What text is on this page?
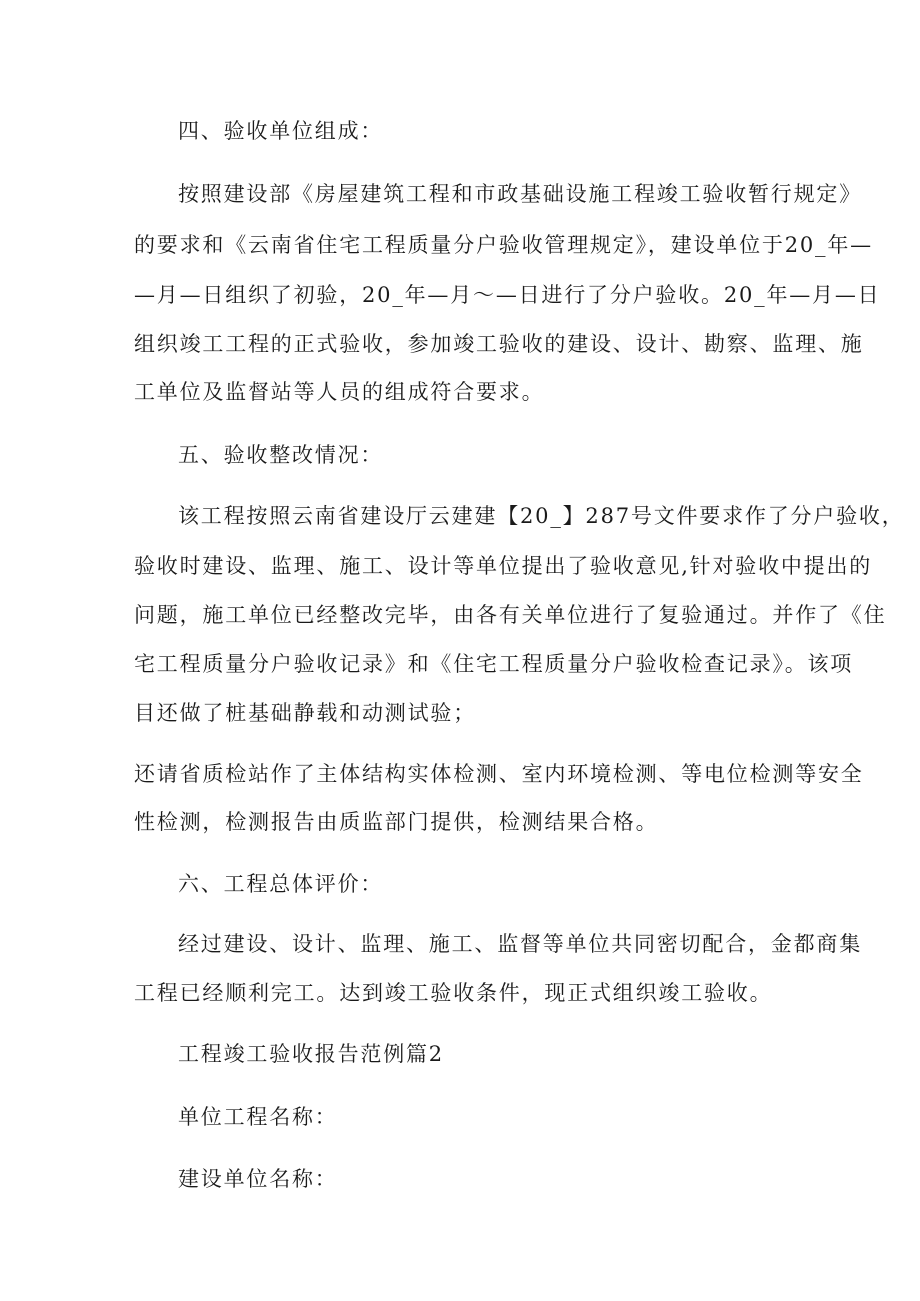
四、验收单位组成：
按照建设部《房屋建筑工程和市政基础设施工程竣工验收暂行规定》
的要求和《云南省住宅工程质量分户验收管理规定》，建设单位于20_年—
—月—日组织了初验，20_年—月～—日进行了分户验收。20_年—月—日
组织竣工工程的正式验收，参加竣工验收的建设、设计、勘察、监理、施
工单位及监督站等人员的组成符合要求。
五、验收整改情况：
该工程按照云南省建设厅云建建【20_】287号文件要求作了分户验收，
验收时建设、监理、施工、设计等单位提出了验收意见,针对验收中提出的
问题，施工单位已经整改完毕，由各有关单位进行了复验通过。并作了《住
宅工程质量分户验收记录》和《住宅工程质量分户验收检查记录》。该项
目还做了桩基础静载和动测试验；
还请省质检站作了主体结构实体检测、室内环境检测、等电位检测等安全
性检测，检测报告由质监部门提供，检测结果合格。
六、工程总体评价：
经过建设、设计、监理、施工、监督等单位共同密切配合，金都商集
工程已经顺利完工。达到竣工验收条件，现正式组织竣工验收。
工程竣工验收报告范例篇2
单位工程名称：
建设单位名称：
